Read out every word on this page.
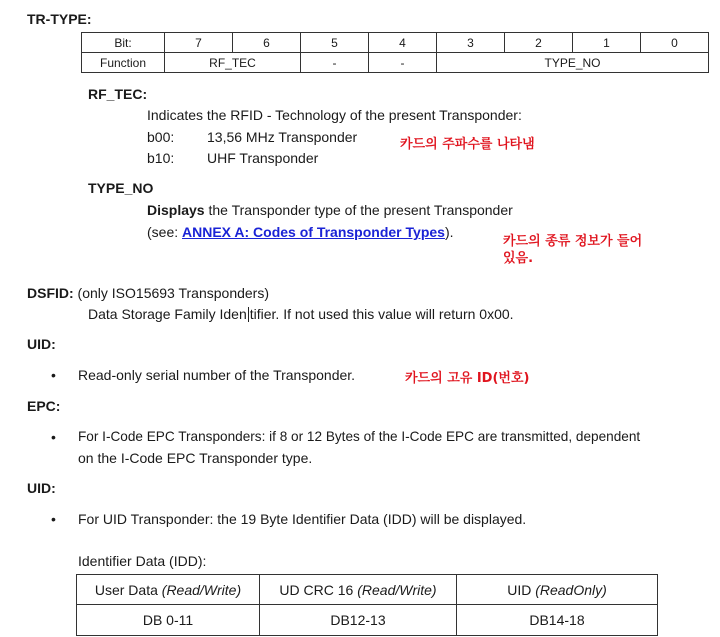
TR-TYPE:
Bit:	7	6	5	4	3	2	1	0
Function	RF_TEC		-	-	TYPE_NO			
RF_TEC:
Indicates the RFID - Technology of the present Transponder:
b00: 13,56 MHz Transponder
b10: UHF Transponder
카드의 주파수를 나타냄
TYPE_NO
Displays the Transponder type of the present Transponder
(see: ANNEX A: Codes of Transponder Types).
카드의 종류 정보가 들어
있음.
DSFID: (only ISO15693 Transponders)
Data Storage Family Iden tifier. If not used this value will return 0x00.
UID:
• Read-only serial number of the Transponder.	카드의 고유 ID(번호)
EPC:
• For I-Code EPC Transponders: if 8 or 12 Bytes of the I-Code EPC are transmitted, dependent
on the I-Code EPC Transponder type.
UID:
• For UID Transponder: the 19 Byte Identifier Data (IDD) will be displayed.
Identifier Data (IDD):
User Data (Read/Write)	UD CRC 16 (Read/Write)	UID (ReadOnly)
DB 0-11	DB12-13	DB14-18
